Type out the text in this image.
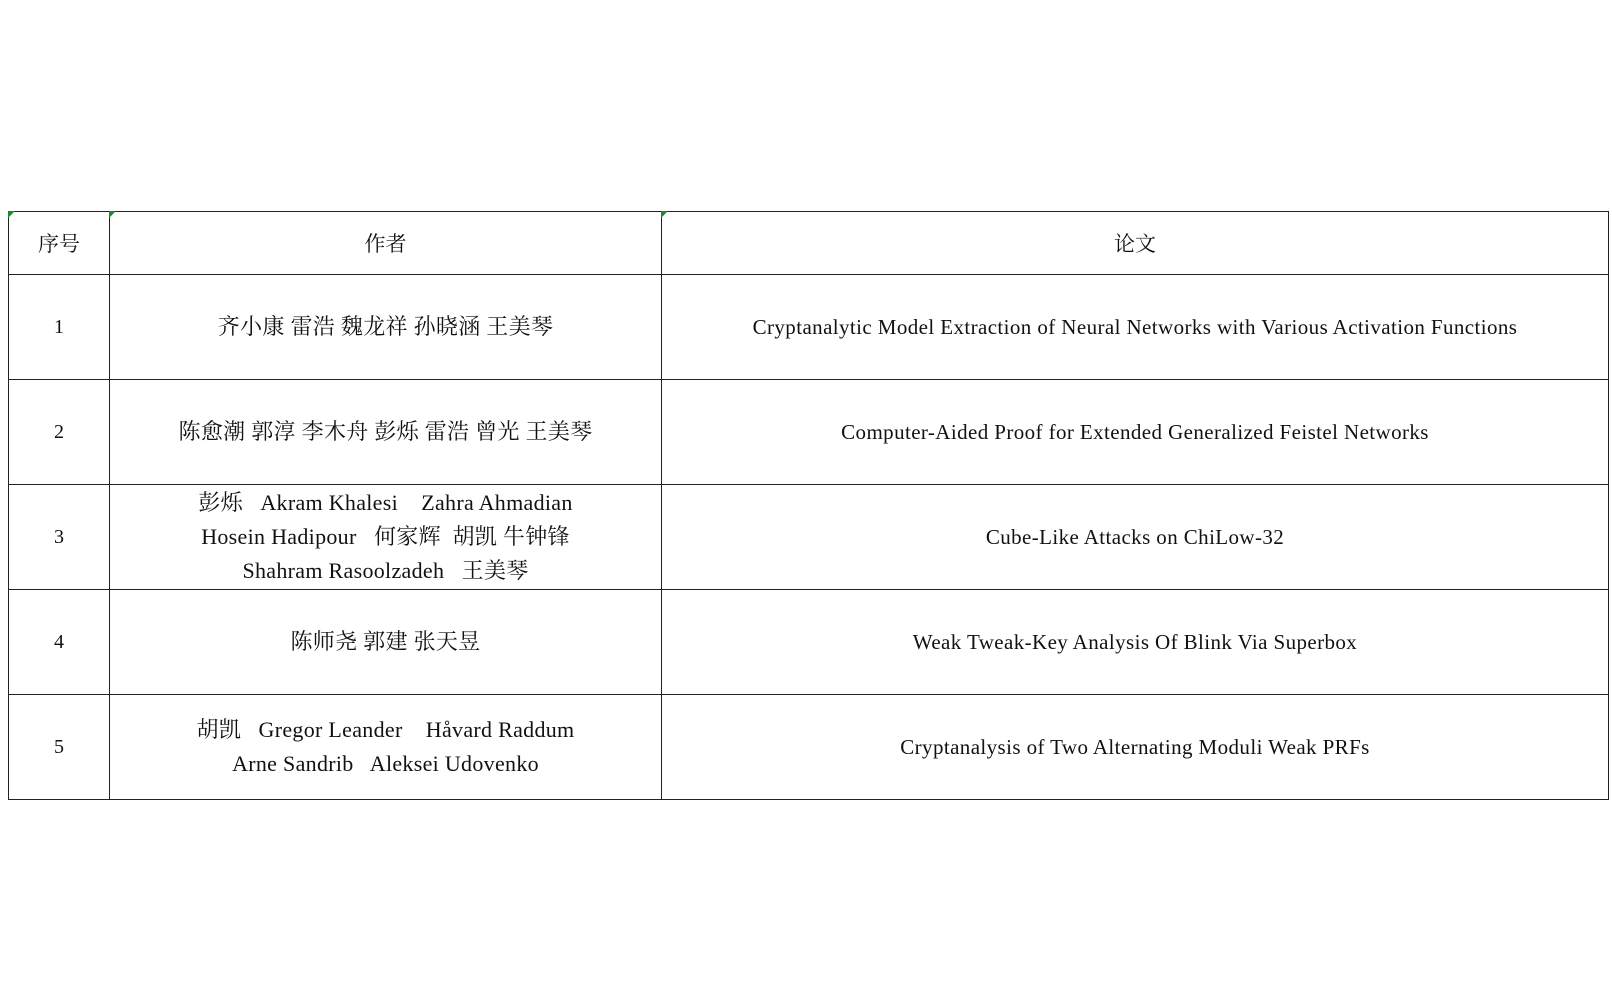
序号	作者	论文
1	齐小康 雷浩 魏龙祥 孙晓涵 王美琴	Cryptanalytic Model Extraction of Neural Networks with Various Activation Functions
2	陈愈潮 郭淳 李木舟 彭烁 雷浩 曾光 王美琴	Computer-Aided Proof for Extended Generalized Feistel Networks
3	彭烁   Akram Khalesi    Zahra Ahmadian
Hosein Hadipour   何家辉  胡凯 牛钟锋
Shahram Rasoolzadeh   王美琴	Cube-Like Attacks on ChiLow-32
4	陈师尧 郭建 张天昱	Weak Tweak-Key Analysis Of Blink Via Superbox
5	胡凯   Gregor Leander    Håvard Raddum
Arne Sandrib   Aleksei Udovenko	Cryptanalysis of Two Alternating Moduli Weak PRFs
